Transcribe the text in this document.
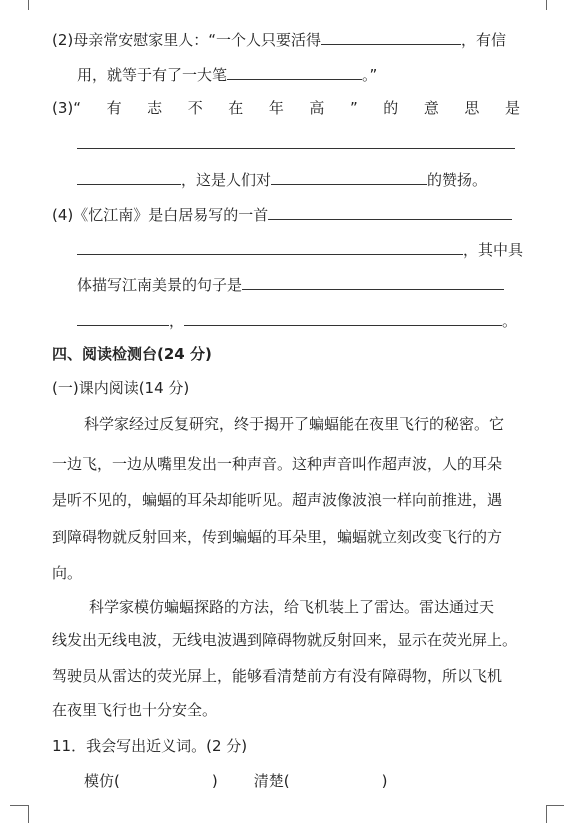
(2)母亲常安慰家里人：“一个人只要活得	，有信
用，就等于有了一大笔	。”
(3)“ 有 志 不 在 年 高 ” 的 意 思 是
，这是人们对	的赞扬。
(4)《忆江南》是白居易写的一首
，其中具
体描写江南美景的句子是
，	。
四、阅读检测台(24 分)
(一)课内阅读(14 分)
科学家经过反复研究，终于揭开了蝙蝠能在夜里飞行的秘密。它
一边飞，一边从嘴里发出一种声音。这种声音叫作超声波，人的耳朵
是听不见的，蝙蝠的耳朵却能听见。超声波像波浪一样向前推进，遇
到障碍物就反射回来，传到蝙蝠的耳朵里，蝙蝠就立刻改变飞行的方
向。
科学家模仿蝙蝠探路的方法，给飞机装上了雷达。雷达通过天
线发出无线电波，无线电波遇到障碍物就反射回来，显示在荧光屏上。
驾驶员从雷达的荧光屏上，能够看清楚前方有没有障碍物，所以飞机
在夜里飞行也十分安全。
11．我会写出近义词。(2 分)
模仿(	) 清楚(	)
